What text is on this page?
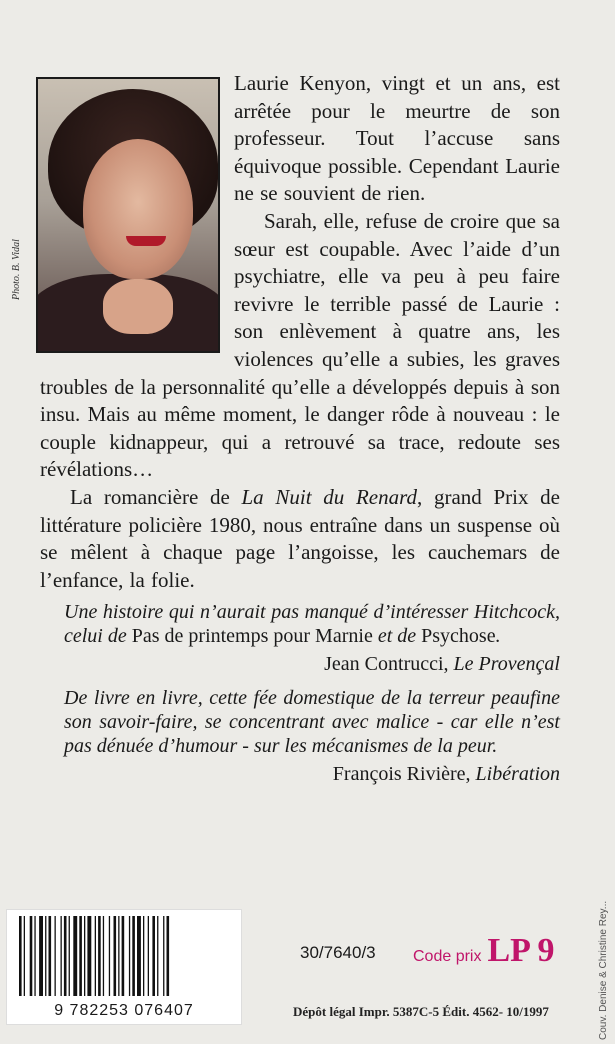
Photo. B. Vidal

Laurie Kenyon, vingt et un ans, est arrêtée pour le meurtre de son professeur. Tout l’accuse sans équivoque possible. Cependant Laurie ne se souvient de rien.

Sarah, elle, refuse de croire que sa sœur est coupable. Avec l’aide d’un psychiatre, elle va peu à peu faire revivre le terrible passé de Laurie : son enlèvement à quatre ans, les violences qu’elle a subies, les graves troubles de la personnalité qu’elle a développés depuis à son insu. Mais au même moment, le danger rôde à nouveau : le couple kidnappeur, qui a retrouvé sa trace, redoute ses révélations…

La romancière de La Nuit du Renard, grand Prix de littérature policière 1980, nous entraîne dans un suspense où se mêlent à chaque page l’angoisse, les cauchemars de l’enfance, la folie.

Une histoire qui n’aurait pas manqué d’intéresser Hitchcock, celui de Pas de printemps pour Marnie et de Psychose.

Jean Contrucci, Le Provençal

De livre en livre, cette fée domestique de la terreur peaufine son savoir-faire, se concentrant avec malice - car elle n’est pas dénuée d’humour - sur les mécanismes de la peur.

François Rivière, Libération

9 782253 076407
30/7640/3 Code prix LP 9
Dépôt légal Impr. 5387C-5 Édit. 4562- 10/1997	Couv. Denise & Christine Rey...
